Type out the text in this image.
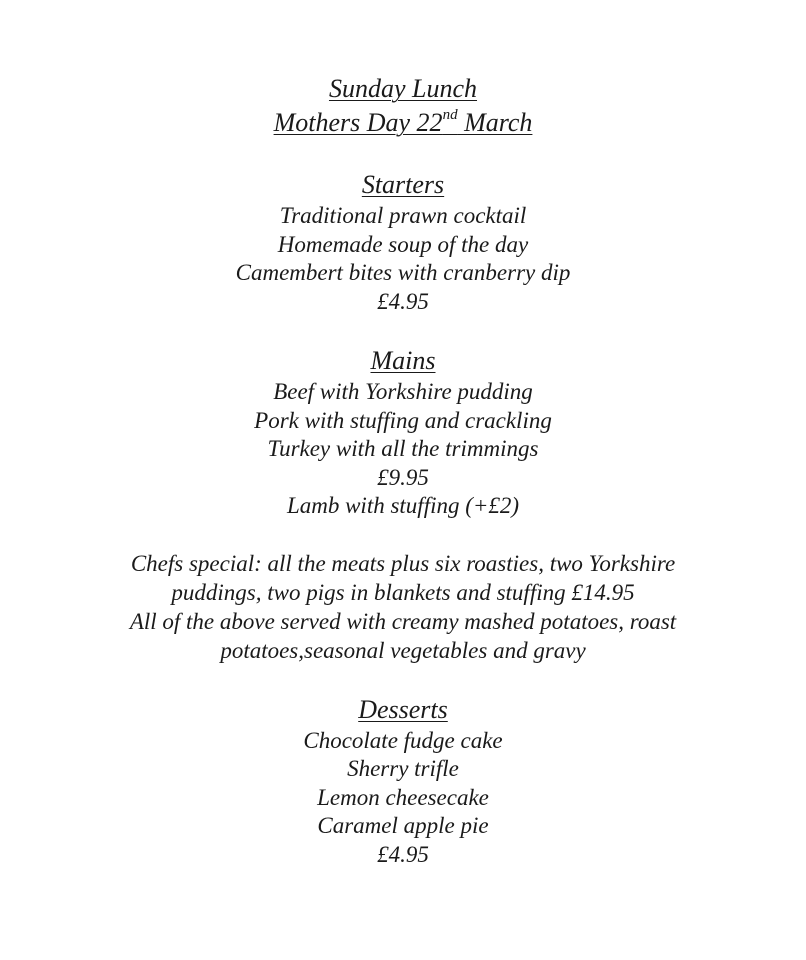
Sunday Lunch
Mothers Day 22nd March
Starters
Traditional prawn cocktail
Homemade soup of the day
Camembert bites with cranberry dip
£4.95
Mains
Beef with Yorkshire pudding
Pork with stuffing and crackling
Turkey with all the trimmings
£9.95
Lamb with stuffing (+£2)
Chefs special: all the meats plus six roasties, two Yorkshire puddings, two pigs in blankets and stuffing £14.95
All of the above served with creamy mashed potatoes, roast potatoes,seasonal vegetables and gravy
Desserts
Chocolate fudge cake
Sherry trifle
Lemon cheesecake
Caramel apple pie
£4.95
